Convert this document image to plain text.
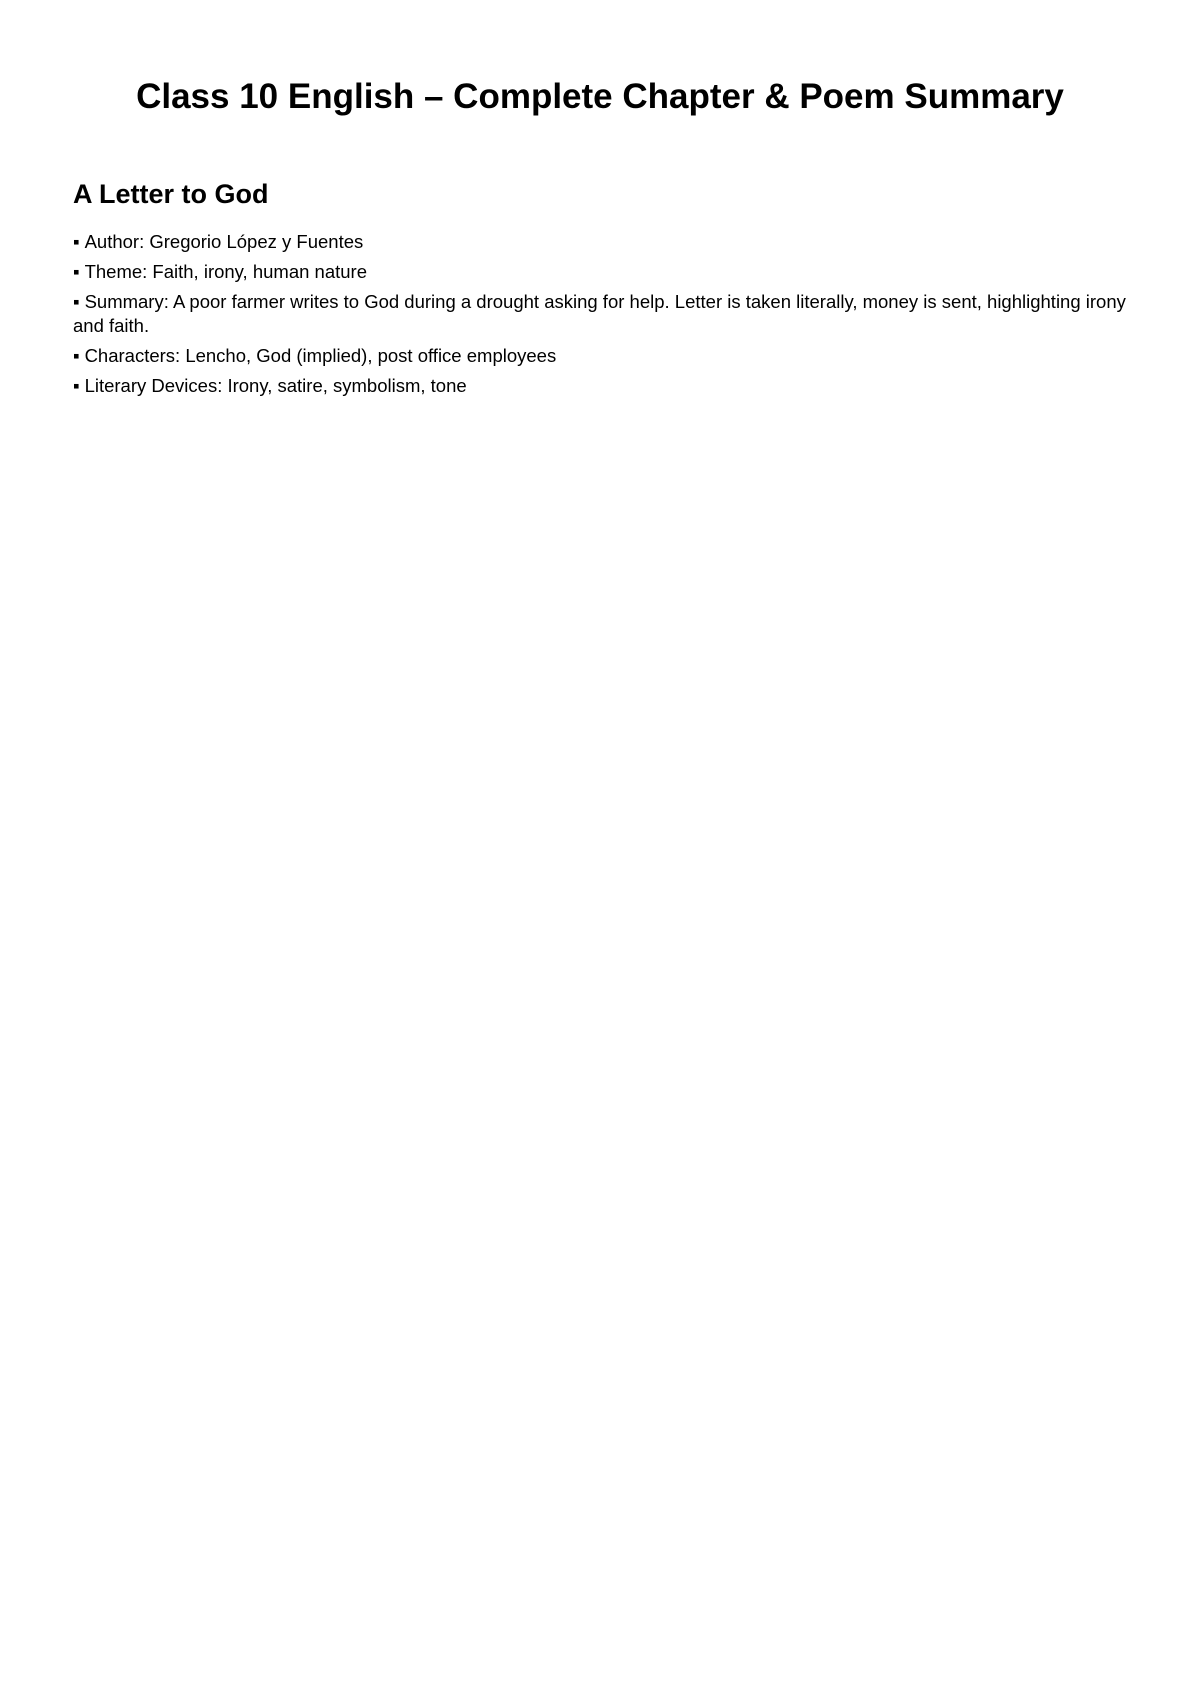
Class 10 English – Complete Chapter & Poem Summary
A Letter to God
▪ Author: Gregorio López y Fuentes
▪ Theme: Faith, irony, human nature
▪ Summary: A poor farmer writes to God during a drought asking for help. Letter is taken literally, money is sent, highlighting irony and faith.
▪ Characters: Lencho, God (implied), post office employees
▪ Literary Devices: Irony, satire, symbolism, tone
